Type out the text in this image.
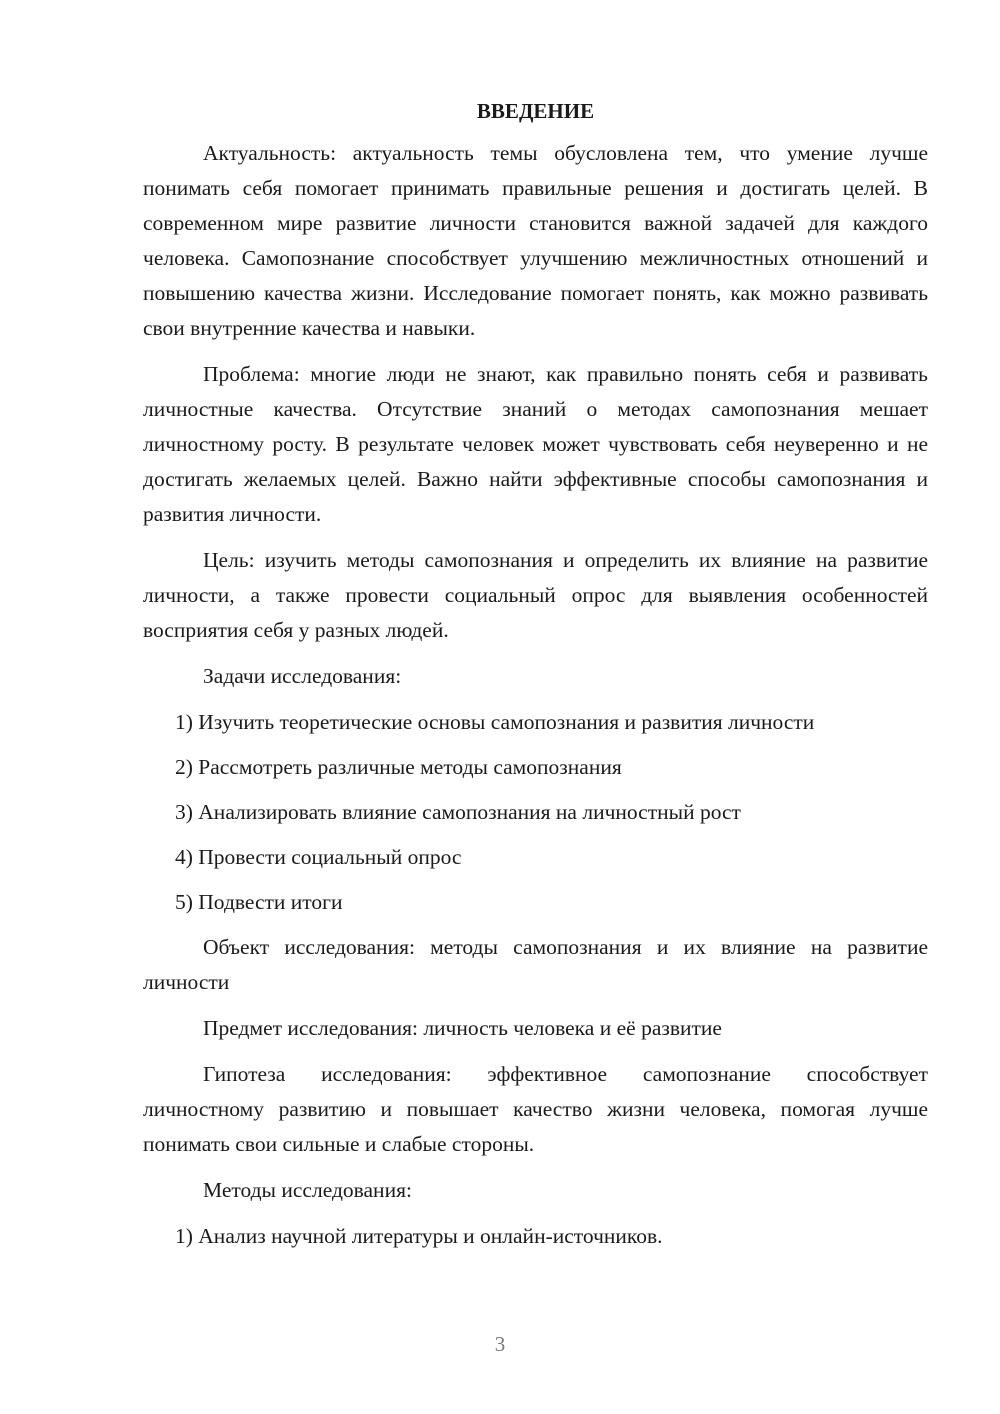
ВВЕДЕНИЕ
Актуальность: актуальность темы обусловлена тем, что умение лучше понимать себя помогает принимать правильные решения и достигать целей. В современном мире развитие личности становится важной задачей для каждого человека. Самопознание способствует улучшению межличностных отношений и повышению качества жизни. Исследование помогает понять, как можно развивать свои внутренние качества и навыки.
Проблема: многие люди не знают, как правильно понять себя и развивать личностные качества. Отсутствие знаний о методах самопознания мешает личностному росту. В результате человек может чувствовать себя неуверенно и не достигать желаемых целей. Важно найти эффективные способы самопознания и развития личности.
Цель: изучить методы самопознания и определить их влияние на развитие личности, а также провести социальный опрос для выявления особенностей восприятия себя у разных людей.
Задачи исследования:
1) Изучить теоретические основы самопознания и развития личности
2) Рассмотреть различные методы самопознания
3) Анализировать влияние самопознания на личностный рост
4) Провести социальный опрос
5) Подвести итоги
Объект исследования: методы самопознания и их влияние на развитие личности
Предмет исследования: личность человека и её развитие
Гипотеза исследования: эффективное самопознание способствует личностному развитию и повышает качество жизни человека, помогая лучше понимать свои сильные и слабые стороны.
Методы исследования:
1) Анализ научной литературы и онлайн-источников.
3
